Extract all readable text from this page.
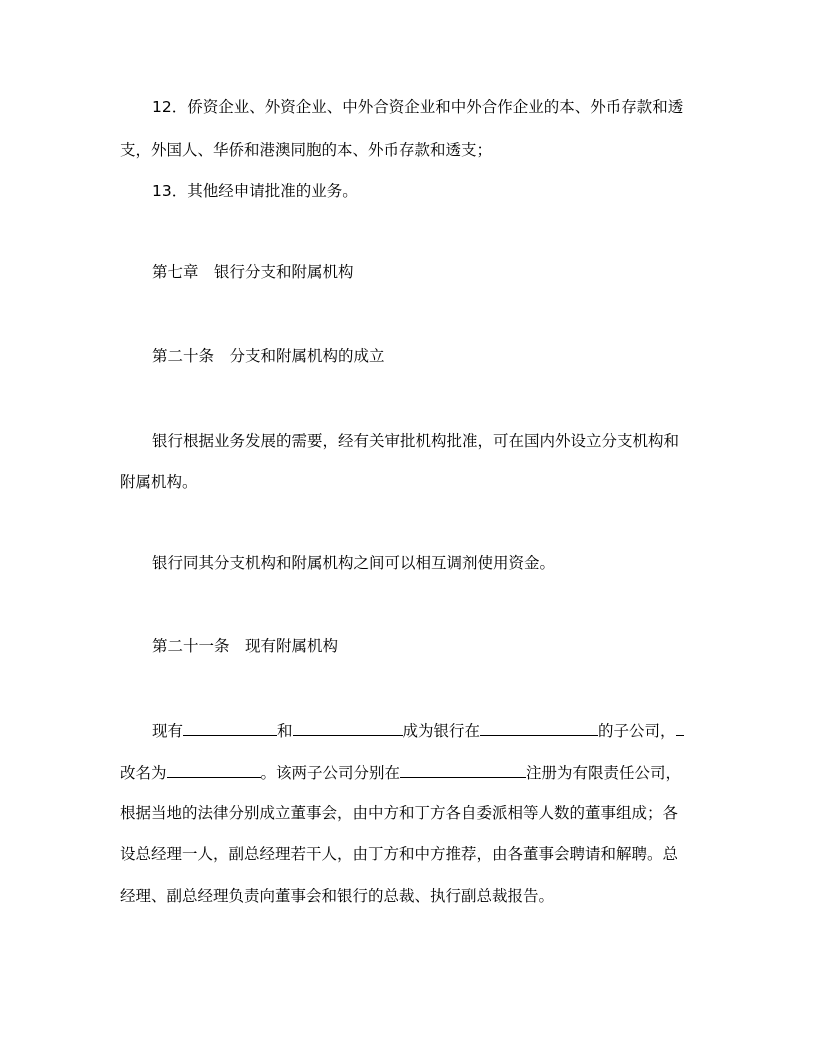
12．侨资企业、外资企业、中外合资企业和中外合作企业的本、外币存款和透
支，外国人、华侨和港澳同胞的本、外币存款和透支；
13．其他经申请批准的业务。
第七章　银行分支和附属机构
第二十条　分支和附属机构的成立
银行根据业务发展的需要，经有关审批机构批准，可在国内外设立分支机构和
附属机构。
银行同其分支机构和附属机构之间可以相互调剂使用资金。
第二十一条　现有附属机构
现有	和	成为银行在	的子公司，
改名为	。该两子公司分别在	注册为有限责任公司，
根据当地的法律分别成立董事会，由中方和丁方各自委派相等人数的董事组成；各
设总经理一人，副总经理若干人，由丁方和中方推荐，由各董事会聘请和解聘。总
经理、副总经理负责向董事会和银行的总裁、执行副总裁报告。
